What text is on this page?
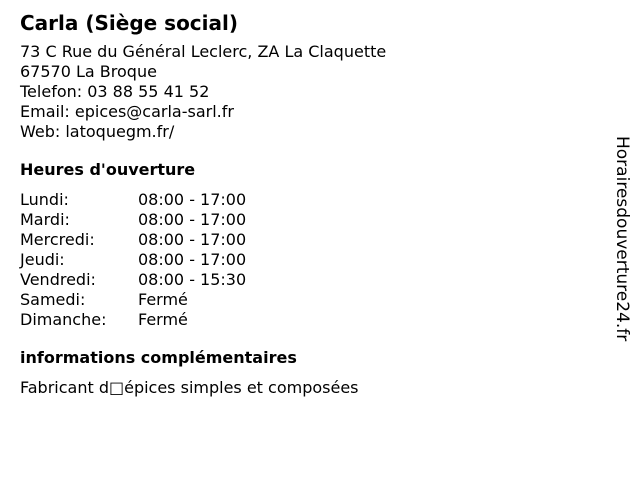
Carla (Siège social)
73 C Rue du Général Leclerc, ZA La Claquette
67570 La Broque
Telefon: 03 88 55 41 52
Email: epices@carla-sarl.fr
Web: latoquegm.fr/
Heures d'ouverture
Lundi:	08:00 - 17:00
Mardi:	08:00 - 17:00
Mercredi:	08:00 - 17:00
Jeudi:	08:00 - 17:00
Vendredi:	08:00 - 15:30
Samedi:	Fermé
Dimanche:	Fermé
informations complémentaires
Fabricant d□épices simples et composées
Horairesdouverture24.fr
